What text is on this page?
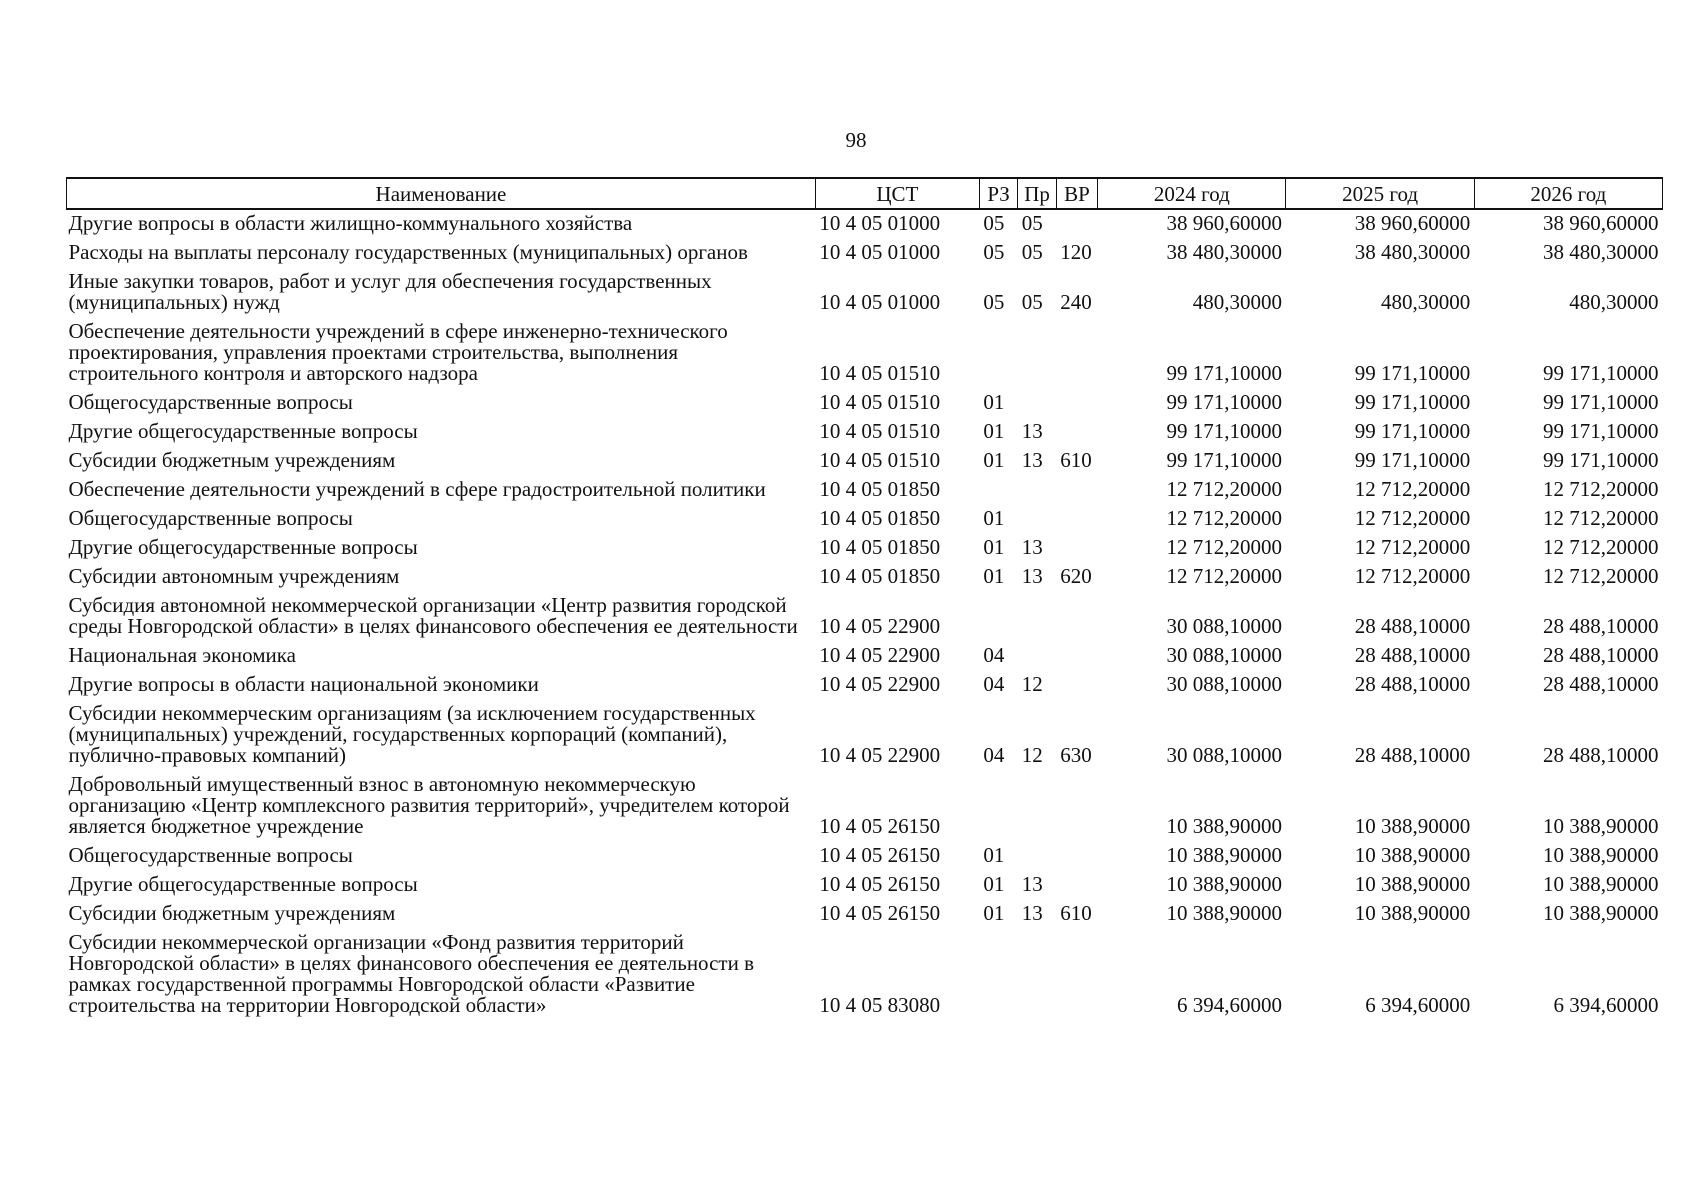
98
Наименование	ЦСТ	РЗ	Пр	ВР	2024 год	2025 год	2026 год
Другие вопросы в области жилищно-коммунального хозяйства	10 4 05 01000	05	05		38 960,60000	38 960,60000	38 960,60000
Расходы на выплаты персоналу государственных (муниципальных) органов	10 4 05 01000	05	05	120	38 480,30000	38 480,30000	38 480,30000
Иные закупки товаров, работ и услуг для обеспечения государственных (муниципальных) нужд	10 4 05 01000	05	05	240	480,30000	480,30000	480,30000
Обеспечение деятельности учреждений в сфере инженерно-технического проектирования, управления проектами строительства, выполнения строительного контроля и авторского надзора	10 4 05 01510				99 171,10000	99 171,10000	99 171,10000
Общегосударственные вопросы	10 4 05 01510	01			99 171,10000	99 171,10000	99 171,10000
Другие общегосударственные вопросы	10 4 05 01510	01	13		99 171,10000	99 171,10000	99 171,10000
Субсидии бюджетным учреждениям	10 4 05 01510	01	13	610	99 171,10000	99 171,10000	99 171,10000
Обеспечение деятельности учреждений в сфере градостроительной политики	10 4 05 01850				12 712,20000	12 712,20000	12 712,20000
Общегосударственные вопросы	10 4 05 01850	01			12 712,20000	12 712,20000	12 712,20000
Другие общегосударственные вопросы	10 4 05 01850	01	13		12 712,20000	12 712,20000	12 712,20000
Субсидии автономным учреждениям	10 4 05 01850	01	13	620	12 712,20000	12 712,20000	12 712,20000
Субсидия автономной некоммерческой организации «Центр развития городской среды Новгородской области» в целях финансового обеспечения ее деятельности	10 4 05 22900				30 088,10000	28 488,10000	28 488,10000
Национальная экономика	10 4 05 22900	04			30 088,10000	28 488,10000	28 488,10000
Другие вопросы в области национальной экономики	10 4 05 22900	04	12		30 088,10000	28 488,10000	28 488,10000
Субсидии некоммерческим организациям (за исключением государственных (муниципальных) учреждений, государственных корпораций (компаний), публично-правовых компаний)	10 4 05 22900	04	12	630	30 088,10000	28 488,10000	28 488,10000
Добровольный имущественный взнос в автономную некоммерческую организацию «Центр комплексного развития территорий», учредителем которой является бюджетное учреждение	10 4 05 26150				10 388,90000	10 388,90000	10 388,90000
Общегосударственные вопросы	10 4 05 26150	01			10 388,90000	10 388,90000	10 388,90000
Другие общегосударственные вопросы	10 4 05 26150	01	13		10 388,90000	10 388,90000	10 388,90000
Субсидии бюджетным учреждениям	10 4 05 26150	01	13	610	10 388,90000	10 388,90000	10 388,90000
Субсидии некоммерческой организации «Фонд развития территорий Новгородской области» в целях финансового обеспечения ее деятельности в рамках государственной программы Новгородской области «Развитие строительства на территории Новгородской области»	10 4 05 83080				6 394,60000	6 394,60000	6 394,60000
